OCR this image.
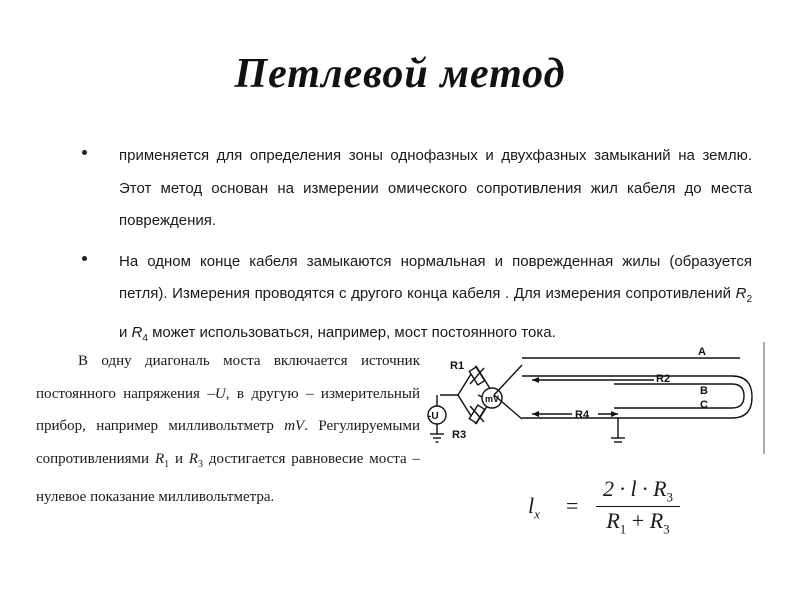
Петлевой метод
применяется для определения зоны однофазных и двухфазных замыканий на землю. Этот метод основан на измерении омического сопротивления жил кабеля до места повреждения.
На одном конце кабеля замыкаются нормальная и поврежденная жилы (образуется петля). Измерения проводятся с другого конца кабеля . Для измерения сопротивлений $R_2$ и $R_4$ может использоваться, например, мост постоянного тока.
В одну диагональ моста включается источник постоянного напряжения –U, в другую – измерительный прибор, например милливольтметр mV. Регулируемыми сопротивлениями $R_1$ и $R_3$ достигается равновесие моста – нулевое показание милливольтметра.
R1
R3
mV
-U
A
R2
B
C
R4
$l_x$ =
$2 \cdot l \cdot R_3$
$R_1 + R_3$
